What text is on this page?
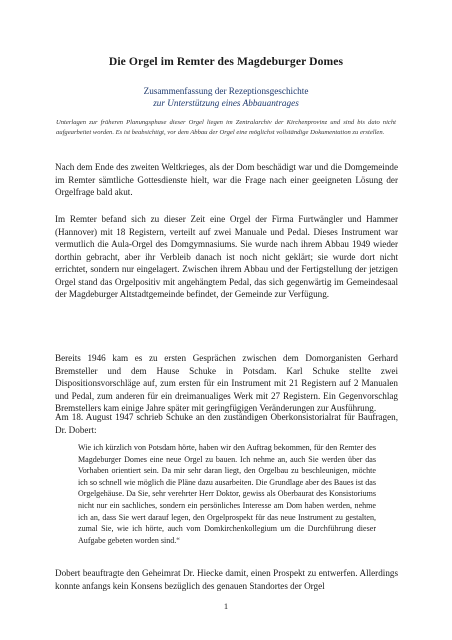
Die Orgel im Remter des Magdeburger Domes
Zusammenfassung der Rezeptionsgeschichte
zur Unterstützung eines Abbauantrages

Unterlagen zur früheren Planungsphase dieser Orgel liegen im Zentralarchiv der Kirchenprovinz und sind bis dato nicht aufgearbeitet worden. Es ist beabsichtigt, vor dem Abbau der Orgel eine möglichst vollständige Dokumentation zu erstellen.

Nach dem Ende des zweiten Weltkrieges, als der Dom beschädigt war und die Domgemeinde im Remter sämtliche Gottesdienste hielt, war die Frage nach einer geeigneten Lösung der Orgelfrage bald akut.

Im Remter befand sich zu dieser Zeit eine Orgel der Firma Furtwängler und Hammer (Hannover) mit 18 Registern, verteilt auf zwei Manuale und Pedal. Dieses Instrument war vermutlich die Aula-Orgel des Domgymnasiums. Sie wurde nach ihrem Abbau 1949 wieder dorthin gebracht, aber ihr Verbleib danach ist noch nicht geklärt; sie wurde dort nicht errichtet, sondern nur eingelagert. Zwischen ihrem Abbau und der Fertigstellung der jetzigen Orgel stand das Orgelpositiv mit angehängtem Pedal, das sich gegenwärtig im Gemeindesaal der Magdeburger Altstadtgemeinde befindet, der Gemeinde zur Verfügung.

Bereits 1946 kam es zu ersten Gesprächen zwischen dem Domorganisten Gerhard Bremsteller und dem Hause Schuke in Potsdam. Karl Schuke stellte zwei Dispositionsvorschläge auf, zum ersten für ein Instrument mit 21 Registern auf 2 Manualen und Pedal, zum anderen für ein dreimanualiges Werk mit 27 Registern. Ein Gegenvorschlag Bremstellers kam einige Jahre später mit geringfügigen Veränderungen zur Ausführung.

Am 18. August 1947 schrieb Schuke an den zuständigen Oberkonsistorialrat für Baufragen, Dr. Dobert:

Wie ich kürzlich von Potsdam hörte, haben wir den Auftrag bekommen, für den Remter des Magdeburger Domes eine neue Orgel zu bauen. Ich nehme an, auch Sie werden über das Vorhaben orientiert sein. Da mir sehr daran liegt, den Orgelbau zu beschleunigen, möchte ich so schnell wie möglich die Pläne dazu ausarbeiten. Die Grundlage aber des Baues ist das Orgelgehäuse. Da Sie, sehr verehrter Herr Doktor, gewiss als Oberbaurat des Konsistoriums nicht nur ein sachliches, sondern ein persönliches Interesse am Dom haben werden, nehme ich an, dass Sie wert darauf legen, den Orgelprospekt für das neue Instrument zu gestalten, zumal Sie, wie ich hörte, auch vom Domkirchenkollegium um die Durchführung dieser Aufgabe gebeten worden sind.“

Dobert beauftragte den Geheimrat Dr. Hiecke damit, einen Prospekt zu entwerfen. Allerdings konnte anfangs kein Konsens bezüglich des genauen Standortes der Orgel

1
